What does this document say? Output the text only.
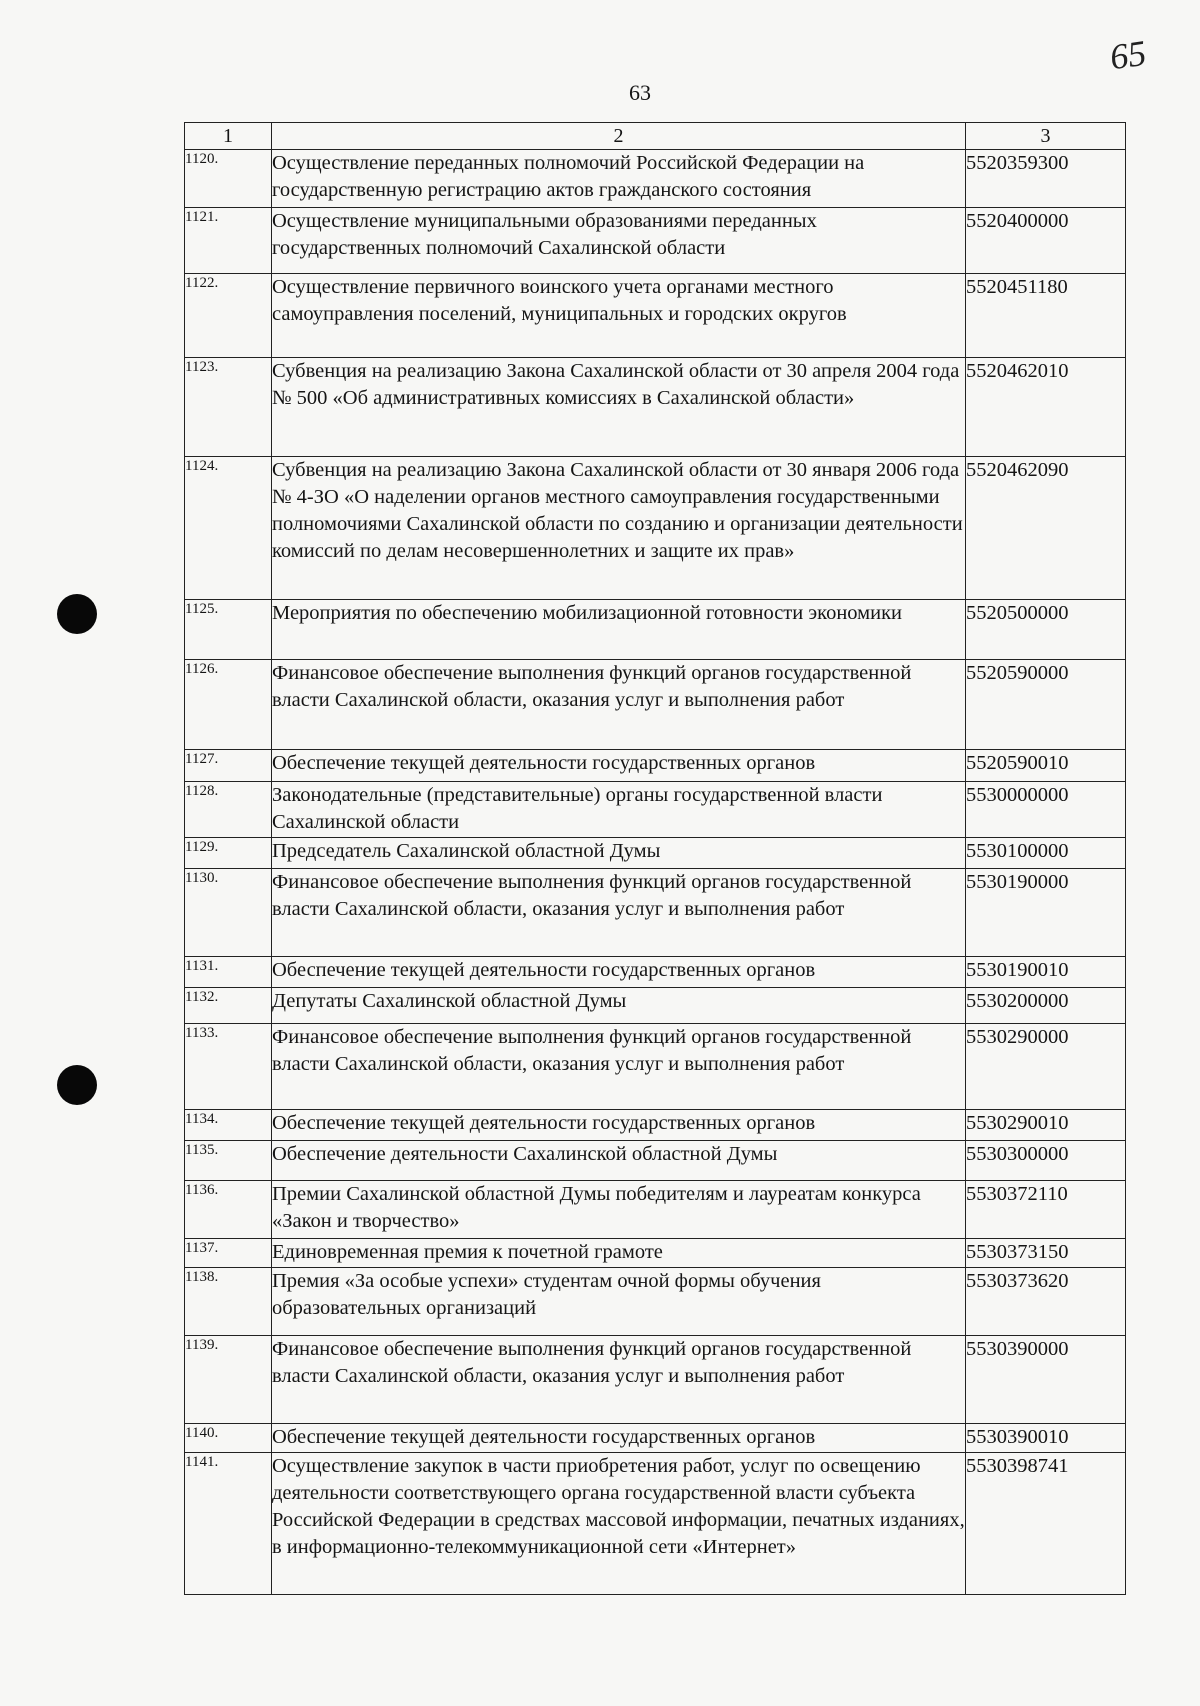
65
63
1	2	3
1120.	Осуществление переданных полномочий Российской Федерации на государственную регистрацию актов гражданского состояния	5520359300
1121.	Осуществление муниципальными образованиями переданных государственных полномочий Сахалинской области	5520400000
1122.	Осуществление первичного воинского учета органами местного самоуправления поселений, муниципальных и городских округов	5520451180
1123.	Субвенция на реализацию Закона Сахалинской области от 30 апреля 2004 года № 500 «Об административных комиссиях в Сахалинской области»	5520462010
1124.	Субвенция на реализацию Закона Сахалинской области от 30 января 2006 года № 4-ЗО «О наделении органов местного самоуправления государственными полномочиями Сахалинской области по созданию и организации деятельности комиссий по делам несовершеннолетних и защите их прав»	5520462090
1125.	Мероприятия по обеспечению мобилизационной готовности экономики	5520500000
1126.	Финансовое обеспечение выполнения функций органов государственной власти Сахалинской области, оказания услуг и выполнения работ	5520590000
1127.	Обеспечение текущей деятельности государственных органов	5520590010
1128.	Законодательные (представительные) органы государственной власти Сахалинской области	5530000000
1129.	Председатель Сахалинской областной Думы	5530100000
1130.	Финансовое обеспечение выполнения функций органов государственной власти Сахалинской области, оказания услуг и выполнения работ	5530190000
1131.	Обеспечение текущей деятельности государственных органов	5530190010
1132.	Депутаты Сахалинской областной Думы	5530200000
1133.	Финансовое обеспечение выполнения функций органов государственной власти Сахалинской области, оказания услуг и выполнения работ	5530290000
1134.	Обеспечение текущей деятельности государственных органов	5530290010
1135.	Обеспечение деятельности Сахалинской областной Думы	5530300000
1136.	Премии Сахалинской областной Думы победителям и лауреатам конкурса «Закон и творчество»	5530372110
1137.	Единовременная премия к почетной грамоте	5530373150
1138.	Премия «За особые успехи» студентам очной формы обучения образовательных организаций	5530373620
1139.	Финансовое обеспечение выполнения функций органов государственной власти Сахалинской области, оказания услуг и выполнения работ	5530390000
1140.	Обеспечение текущей деятельности государственных органов	5530390010
1141.	Осуществление закупок в части приобретения работ, услуг по освещению деятельности соответствующего органа государственной власти субъекта Российской Федерации в средствах массовой информации, печатных изданиях, в информационно-телекоммуникационной сети «Интернет»	5530398741
